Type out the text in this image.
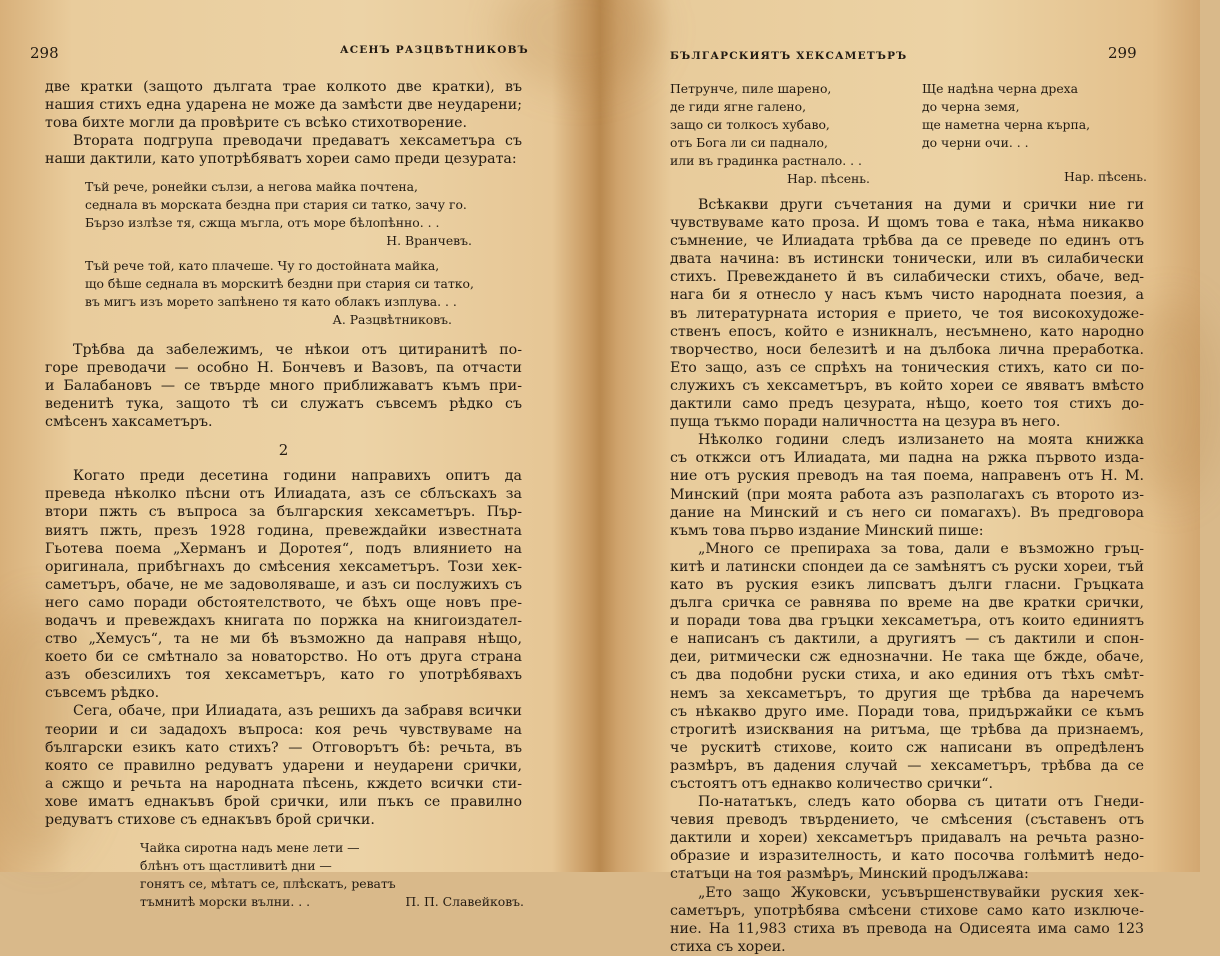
298	АСЕНЪ РАЗЦВѢТНИКОВЪ

две кратки (защото дългата трае колкото две кратки), въ
нашия стихъ една ударена не може да замѣсти две неударени;
това бихте могли да провѣрите съ всѣко стихотворение.

Втората подгрупа преводачи предаватъ хексаметъра съ
наши дактили, като употрѣбяватъ хореи само преди цезурата:

Тъй рече, ронейки сълзи, а негова майка почтена,
седнала въ морската бездна при стария си татко, зачу го.
Бързо излѣзе тя, сжща мъгла, отъ море бѣлопѣнно. . .

Н. Вранчевъ.

Тъй рече той, като плачеше. Чу го достойната майка,
що бѣше седнала въ морскитѣ бездни при стария си татко,
въ мигъ изъ морето запѣнено тя като облакъ изплува. . .

А. Разцвѣтниковъ.

Трѣбва да забележимъ, че нѣкои отъ цитиранитѣ по-
горе преводачи — особно Н. Бончевъ и Вазовъ, па отчасти
и Балабановъ — се твърде много приближаватъ къмъ при-
веденитѣ тука, защото тѣ си служатъ съвсемъ рѣдко съ
смѣсенъ хаксаметъръ.

2

Когато преди десетина години направихъ опитъ да
преведа нѣколко пѣсни отъ Илиадата, азъ се сблъскахъ за
втори пжть съ въпроса за българския хексаметъръ. Пър-
виятъ пжть, презъ 1928 година, превеждайки известната
Гьотева поема „Херманъ и Доротея“, подъ влиянието на
оригинала, прибѣгнахъ до смѣсения хексаметъръ. Този хек-
саметъръ, обаче, не ме задоволяваше, и азъ си послужихъ съ
него само поради обстоятелството, че бѣхъ още новъ пре-
водачъ и превеждахъ книгата по поржка на книгоиздател-
ство „Хемусъ“, та не ми бѣ възможно да направя нѣщо,
което би се смѣтнало за новаторство. Но отъ друга страна
азъ обезсилихъ тоя хексаметъръ, като го употрѣбявахъ
съвсемъ рѣдко.

Сега, обаче, при Илиадата, азъ решихъ да забравя всички
теории и си зададохъ въпроса: коя речь чувствуваме на
български езикъ като стихъ? — Отговорътъ бѣ: речьта, въ
която се правилно редуватъ ударени и неударени срички,
а сжщо и речьта на народната пѣсень, кждето всички сти-
хове иматъ еднакъвъ брой срички, или пъкъ се правилно
редуватъ стихове съ еднакъвъ брой срички.

Чайка сиротна надъ мене лети —
блѣнъ отъ щастливитѣ дни —
гонятъ се, мѣтатъ се, плѣскатъ, реватъ
тъмнитѣ морски вълни. . .	П. П. Славейковъ.

БЪЛГАРСКИЯТЪ ХЕКСАМЕТЪРЪ	299
Петрунче, пиле шарено,
де гиди ягне галено,
защо си толкосъ хубаво,
отъ Бога ли си паднало,
или въ градинка растнало. . .
Нар. пѣсень.
Ще надѣна черна дреха
до черна земя,
ще наметна черна кърпа,
до черни очи. . .
Нар. пѣсень.

Всѣкакви други съчетания на думи и срички ние ги
чувствуваме като проза. И щомъ това е така, нѣма никакво
съмнение, че Илиадата трѣбва да се преведе по единъ отъ
двата начина: въ истински тонически, или въ силабически
стихъ. Превеждането й въ силабически стихъ, обаче, вед-
нага би я отнесло у насъ къмъ чисто народната поезия, а
въ литературната история е прието, че тоя високохудоже-
ственъ епосъ, който е изникналъ, несъмнено, като народно
творчество, носи белезитѣ и на дълбока лична преработка.
Ето защо, азъ се спрѣхъ на тоническия стихъ, като си по-
служихъ съ хексаметъръ, въ който хореи се явяватъ вмѣсто
дактили само предъ цезурата, нѣщо, което тоя стихъ до-
пуща тъкмо поради наличността на цезура въ него.

Нѣколко години следъ излизането на моята книжка
съ откжси отъ Илиадата, ми падна на ржка първото изда-
ние отъ руския преводъ на тая поема, направенъ отъ Н. М.
Минский (при моята работа азъ разполагахъ съ второто из-
дание на Минский и съ него си помагахъ). Въ предговора
къмъ това първо издание Минский пише:

„Много се препираха за това, дали е възможно гръц-
китѣ и латински спондеи да се замѣнятъ съ руски хореи, тъй
като въ руския езикъ липсватъ дълги гласни. Гръцката
дълга сричка се равнява по време на две кратки срички,
и поради това два гръцки хексаметъра, отъ които единиятъ
е написанъ съ дактили, а другиятъ — съ дактили и спон-
деи, ритмически сж еднозначни. Не така ще бжде, обаче,
съ два подобни руски стиха, и ако единия отъ тѣхъ смѣт-
немъ за хексаметъръ, то другия ще трѣбва да наречемъ
съ нѣкакво друго име. Поради това, придържайки се къмъ
строгитѣ изисквания на ритъма, ще трѣбва да признаемъ,
че рускитѣ стихове, които сж написани въ опредѣленъ
размѣръ, въ дадения случай — хексаметъръ, трѣбва да се
състоятъ отъ еднакво количество срички“.

По-нататъкъ, следъ като оборва съ цитати отъ Гнеди-
чевия преводъ твърдението, че смѣсения (съставенъ отъ
дактили и хореи) хексаметъръ придавалъ на речьта разно-
образие и изразителность, и като посочва голѣмитѣ недо-
статъци на тоя размѣръ, Минский продължава:

„Ето защо Жуковски, усъвършенствувайки руския хек-
саметъръ, употрѣбява смѣсени стихове само като изключе-
ние. На 11,983 стиха въ превода на Одисеята има само 123
стиха съ хореи.
